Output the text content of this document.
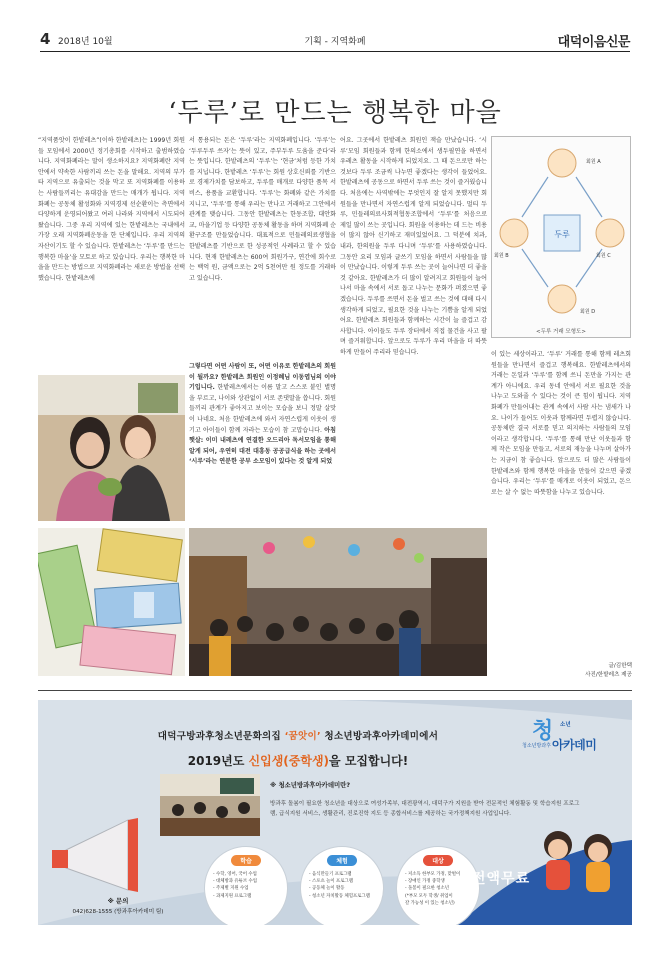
4 2018년 10월	기획 - 지역화폐	대덕이음신문
‘두루’로 만드는 행복한 마을
“지역품앗이 한밭레츠”(이하 한밭레츠)는 1999년 회원들 모임에서 2000년 정기총회를 시작하고 출범하였습니다. 지역화폐라는 말이 생소하지요? 지역화폐란 지역 안에서 약속한 사람끼리 쓰는 돈을 말해요. 지역의 부가 타 지역으로 유출되는 것을 막고 또 지역화폐를 이용하는 사람들끼리는 유대감을 만드는 매개가 됩니다. 지역화폐는 공동체 활성화와 지역경제 선순환이는 측면에서 다양하게 운영되어왔고 여러 나라와 지역에서 시도되어 왔습니다. 그중 우리 지역에 있는 한밭레츠는 국내에서 가장 오래 지역화폐운동을 한 단체입니다. 우리 지역의 자산이기도 할 수 있습니다. 한밭레츠는 ‘두루’를 만드는 행복한 마을’을 모토로 하고 있습니다. 우리는 행복한 마을을 만드는 방법으로 지역화폐라는 새로운 방법을 선택했습니다. 한밭레츠에
서 통용되는 돈은 ‘두루’라는 지역화폐입니다. ‘두루’는 ‘두루두루 쓰자’는 뜻이 있고, 주부두루 도움을 준다’라는 뜻입니다. 한밭레츠의 ‘두루’는 ‘현금’처럼 등한 가치를 지닙니다. 한밭레츠 ‘두루’는 회원 상호신뢰를 기반으로 경제가치를 담보하고, 두루를 매개로 다양한 품목 서비스, 용품을 교환합니다. ‘두루’는 화폐와 같은 가치를 지니고, ‘두루’를 통해 우리는 만나고 거래하고 그안에서 관계를 맺습니다. 그동안 한밭레츠는 한동조합, 대안화교, 마을기업 등 다양한 공동체 활동을 하며 지역화폐 순환구조를 만들었습니다. 대표적으로 민들레의료생협을 한밭레츠를 기반으로 한 성공적인 사례라고 할 수 있습니다. 현재 한밭레츠는 600여 회원가구, 연간에 회수로는 백억 원, 금액으로는 2억 5천여만 원 정도를 거래하고 있습니다.
그렇다면 어떤 사람이 또, 어떤 이유로 한밭레츠의 회원이 될까요? 한밭레츠 회원인 이정혜님 이동엽님의 이야기입니다. 한밭레츠에서는 이름 말고 스스로 붙인 별명을 부르고, 나이와 상관없이 서로 존댓말을 씁니다. 회원들끼리 관계가 좋아지고 보이는 모습을 보니 정말 살맛이 나네요. 처음 한밭레츠에 와서 자연스럽게 이웃이 생기고 아이들이 함께 자라는 모습이 참 고맙습니다. 아침햇살: 이미 내레츠에 연결한 오드리아 독서모임을 통해 알게 되어, 우연히 대전 대흥동 공공급식을 하는 곳에서 ‘시루’라는 연분한 공부 소모임이 있다는 것 알게 되었
어요. 그곳에서 한밭레츠 회원인 잭슬 만났습니다. ‘시루’모임 회원들과 함께 한의소에서 생두필연을 하면서 우레츠 활동을 시작하게 되었지요. 그 때 돈으로만 하는 것보다 두루 조금씩 나누면 좋겠다는 생각이 들었어요. 한밭레츠에 공동으로 하면서 두루 쓰는 것이 즐거웠습니다. 처음에는 사역밖에는 무엇인지 잘 알지 못했지만 회원들을 만나면서 자연스럽게 알게 되었습니다. 멀티 두루, 민들레의료사회적협동조합에서 ‘두루’를 처음으로 제일 많이 쓰는 곳입니다. 회원을 이용하는 데 드는 비용이 많지 않아 신기하고 재미있었어요. 그 덕분에 치과, 내과, 한의원을 두루 다니며 ‘두루’를 사용하였습니다. 그동안 요리 모임과 글쓰기 모임을 하면서 사람들을 많이 만났습니다. 이렇게 두루 쓰는 곳이 늘어나면 더 좋을 것 같아요. 한밭레츠가 더 많이 알려지고 회원들이 늘어나서 마을 속에서 서로 돕고 나누는 문화가 퍼졌으면 좋겠습니다. 두루를 쓰면서 돈을 벌고 쓰는 것에 대해 다시 생각하게 되었고, 필요한 것을 나누는 기쁨을 알게 되었어요. 한밭레츠 회원들과 함께하는 시간이 늘 즐겁고 감사합니다. 아이들도 두루 장터에서 직접 물건을 사고 팔며 즐거워합니다. 앞으로도 두루가 우리 마을을 더 따뜻하게 만들어 주리라 믿습니다.
두루
회원 A
회원 B	회원 C
회원 D
<두루 거래 모형도>
이 있는 세상이라고. ‘두루’ 거래를 통해 함께 레츠회원들을 만나면서 즐겁고 행복해요. 한밭레츠에서의 거래는 돈일과 ‘두루’를 함께 쓰니 돈만을 가지는 관계가 아니에요. 우리 동네 안에서 서로 필요한 것을 나누고 도와줄 수 있다는 것이 큰 힘이 됩니다. 지역화폐가 만들어내는 관계 속에서 사람 사는 냄새가 나요. 나이가 들어도 이웃과 함께라면 두렵지 않습니다. 공동체란 결국 서로를 믿고 의지하는 사람들의 모임이라고 생각합니다. ‘두루’를 통해 만난 이웃들과 함께 작은 모임을 만들고, 서로의 재능을 나누며 살아가는 지금이 참 좋습니다. 앞으로도 더 많은 사람들이 한밭레츠와 함께 행복한 마을을 만들어 갔으면 좋겠습니다. 우리는 ‘두루’를 매개로 이웃이 되었고, 돈으로는 살 수 없는 따뜻함을 나누고 있습니다.
글/김한택
사진/한밭레츠 제공
대덕구방과후청소년문화의집 ‘꿈앗이’ 청소년방과후아카데미에서
2019년도 신입생(중학생)을 모집합니다!
청 소년
청소년방과후 아카데미
※ 청소년방과후아카데미란?
방과후 돌봄이 필요한 청소년을 대상으로 여성가족부, 대전광역시, 대덕구가 지원을 받아 전문적인 체험활동 및 학습지원 프로그램, 급식지원 서비스, 생활관리, 진로진학 지도 등 종합서비스를 제공하는 국가정책지원 사업입니다.
학습
- 수학, 영어, 국어 수업
- 대체방과 유튜브 수업
- 주제별 지원 수업
- 과제지원 프로그램
체험
- 음식만들기 프로그램
- 스포츠 놀이 프로그램
- 공동체 놀이 활동
- 청소년 자치활동 체험프로그램
대상
- 저소득 한부모 가정, 맞벌이
- 장애인 가정 중학생
- 돌봄이 필요한 청소년
(*부모 모두 학생/ 취업이
갈 가능성 이 있는 청소년)
전액무료
※ 문의
042)628-1555 (방과후아카데미 팀)
